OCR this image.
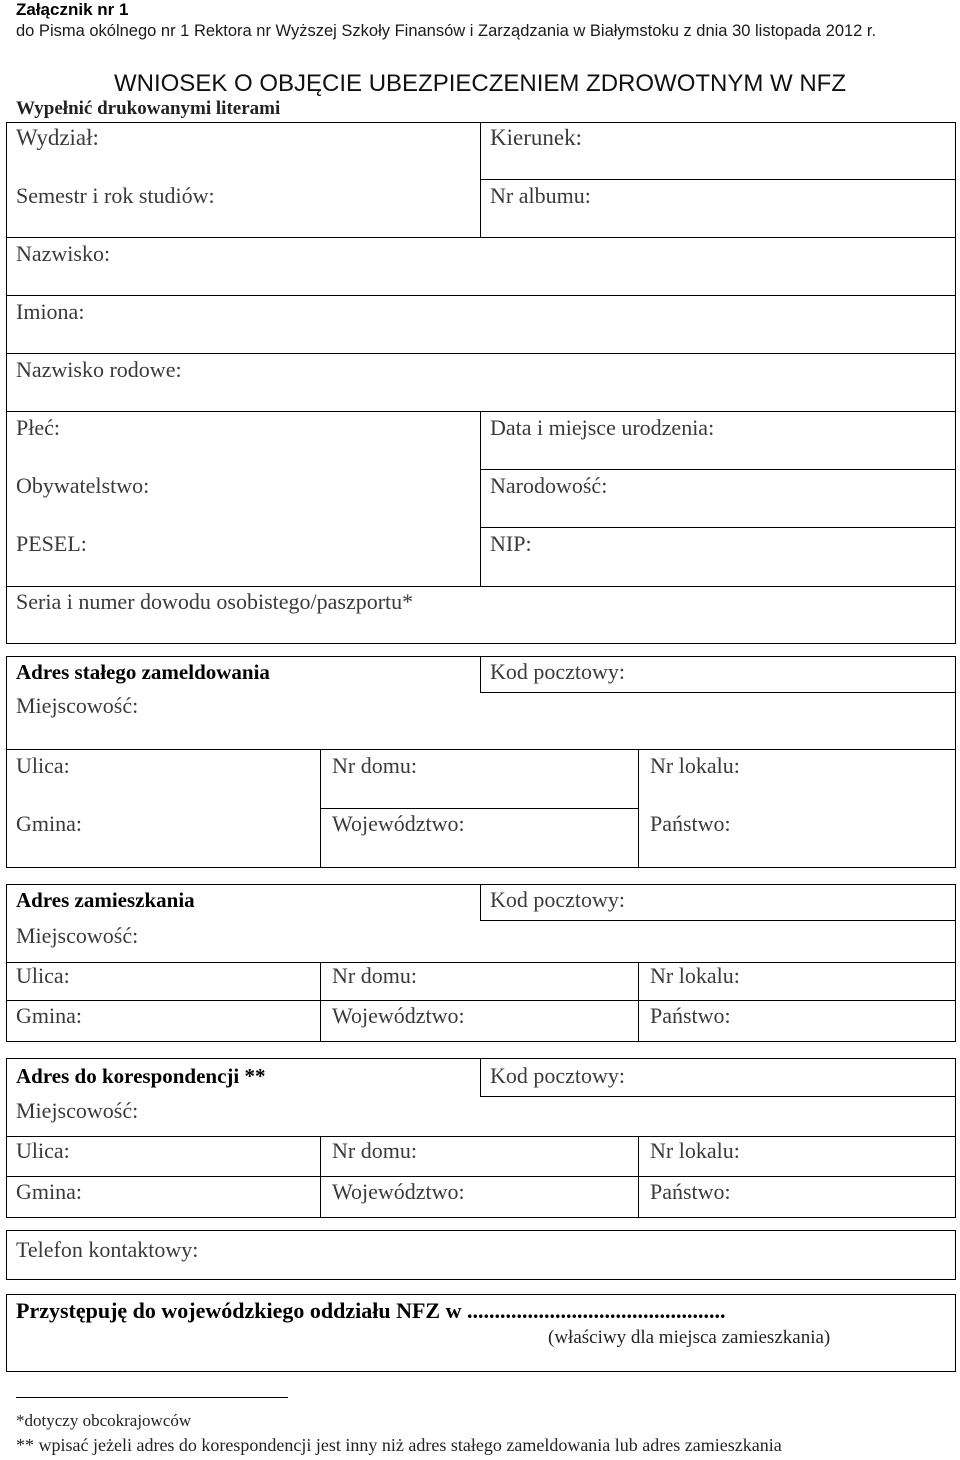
Załącznik nr 1
do Pisma okólnego nr 1 Rektora nr Wyższej Szkoły Finansów i Zarządzania w Białymstoku z dnia 30 listopada 2012 r.
WNIOSEK O OBJĘCIE UBEZPIECZENIEM ZDROWOTNYM W NFZ
Wypełnić drukowanymi literami
Wydział:	Kierunek:
Semestr i rok studiów:	Nr albumu:
Nazwisko:
Imiona:
Nazwisko rodowe:
Płeć:	Data i miejsce urodzenia:
Obywatelstwo:	Narodowość:
PESEL:	NIP:
Seria i numer dowodu osobistego/paszportu*
Adres stałego zameldowania	Kod pocztowy:
Miejscowość:
Ulica:	Nr domu:	Nr lokalu:
Gmina:	Województwo:	Państwo:
Adres zamieszkania	Kod pocztowy:
Miejscowość:
Ulica:	Nr domu:	Nr lokalu:
Gmina:	Województwo:	Państwo:
Adres do korespondencji **	Kod pocztowy:
Miejscowość:
Ulica:	Nr domu:	Nr lokalu:
Gmina:	Województwo:	Państwo:
Telefon kontaktowy:
Przystępuję do wojewódzkiego oddziału NFZ w ...............................................
(właściwy dla miejsca zamieszkania)
*dotyczy obcokrajowców
** wpisać jeżeli adres do korespondencji jest inny niż adres stałego zameldowania lub adres zamieszkania
